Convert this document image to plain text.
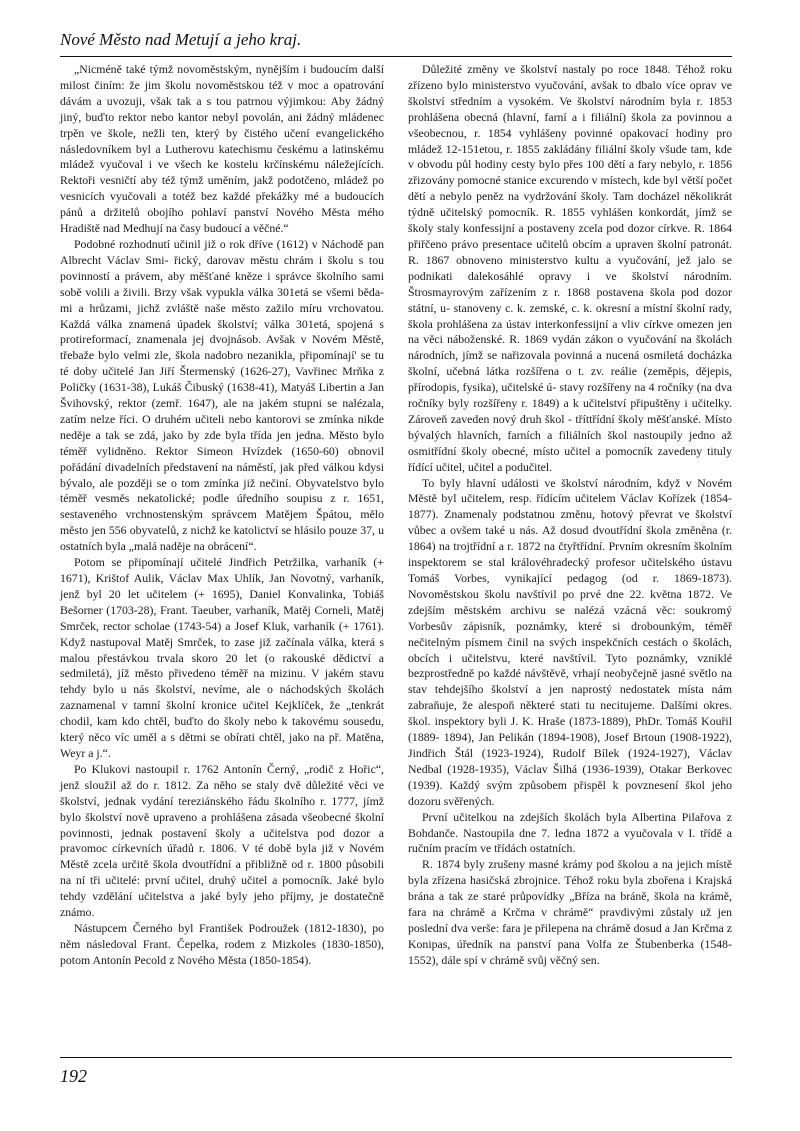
Nové Město nad Metují a jeho kraj.

„Nicméně také týmž novoměstským, nynějším i budoucím další milost činím: že jim školu novoměstskou též v moc a opatrování dávám a uvozuji, však tak a s tou patrnou výjimkou: Aby žádný jiný, buďto rektor nebo kantor nebyl povolán, ani žádný mládenec trpěn ve škole, nežli ten, který by čistého učení evangelického následovníkem byl a Lutherovu katechismu českému a latinskému mládež vyučoval i ve všech ke kostelu krčínskému náležejících. Rektoři vesničtí aby též týmž uměním, jakž podotčeno, mládež po vesnicích vyučovali a totéž bez každé překážky mé a budoucích pánů a držitelů obojího pohlaví panství Nového Města mého Hradiště nad Medhují na časy budoucí a věčné.“

Podobné rozhodnutí učinil již o rok dříve (1612) v Náchodě pan Albrecht Václav Smi- řický, darovav městu chrám i školu s tou povinností a právem, aby měšťané kněze i správce školního sami sobě volili a živili. Brzy však vypukla válka 301etá se všemi běda- mi a hrůzami, jichž zvláště naše město zažilo míru vrchovatou. Každá válka znamená úpadek školství; válka 301etá, spojená s protireformací, znamenala jej dvojnásob. Avšak v Novém Městě, třebaže bylo velmi zle, škola nadobro nezanikla, připomínají' se tu té doby učitelé Jan Jiří Štermenský (1626-27), Vavřinec Mrňka z Poličky (1631-38), Lukáš Čibuský (1638-41), Matyáš Libertin a Jan Švihovský, rektor (zemř. 1647), ale na jakém stupni se nalézala, zatím nelze říci. O druhém učiteli nebo kantorovi se zmínka nikde neděje a tak se zdá, jako by zde byla třída jen jedna. Město bylo téměř vylidněno. Rektor Simeon Hvízdek (1650-60) obnovil pořádání divadelních představení na náměstí, jak před válkou kdysi bývalo, ale později se o tom zmínka již nečiní. Obyvatelstvo bylo téměř vesměs nekatolické; podle úředního soupisu z r. 1651, sestaveného vrchnostenským správcem Matějem Špátou, mělo město jen 556 obyvatelů, z nichž ke katolictví se hlásilo pouze 37, u ostatních byla „malá naděje na obrácení“.

Potom se připomínají učitelé Jindřich Petržilka, varhaník (+ 1671), Krištof Aulik, Václav Max Uhlík, Jan Novotný, varhaník, jenž byl 20 let učitelem (+ 1695), Daniel Konvalinka, Tobiáš Bešorner (1703-28), Frant. Taeuber, varhaník, Matěj Corneli, Matěj Smrček, rector scholae (1743-54) a Josef Kluk, varhaník (+ 1761). Když nastupoval Matěj Smrček, to zase již začínala válka, která s malou přestávkou trvala skoro 20 let (o rakouské dědictví a sedmiletá), jíž město přivedeno téměř na mizinu. V jakém stavu tehdy bylo u nás školství, nevíme, ale o náchodských školách zaznamenal v tamní školní kronice učitel Kejklíček, že „tenkrát chodil, kam kdo chtěl, buďto do školy nebo k takovému sousedu, který něco víc uměl a s dětmi se obírati chtěl, jako na př. Matěna, Weyr a j.“.

Po Klukovi nastoupil r. 1762 Antonín Černý, „rodič z Hořic“, jenž sloužil až do r. 1812. Za něho se staly dvě důležité věci ve školství, jednak vydání tereziánského řádu školního r. 1777, jímž bylo školství nově upraveno a prohlášena zásada všeobecné školní povinnosti, jednak postavení školy a učitelstva pod dozor a pravomoc církevních úřadů r. 1806. V té době byla již v Novém Městě zcela určitě škola dvoutřídní a přibližně od r. 1800 působili na ní tři učitelé: první učitel, druhý učitel a pomocník. Jaké bylo tehdy vzdělání učitelstva a jaké byly jeho příjmy, je dostatečně známo.

Nástupcem Černého byl František Podroužek (1812-1830), po něm následoval Frant. Čepelka, rodem z Mizkoles (1830-1850), potom Antonín Pecold z Nového Města (1850-1854).

Důležité změny ve školství nastaly po roce 1848. Téhož roku zřízeno bylo ministerstvo vyučování, avšak to dbalo více oprav ve školství středním a vysokém. Ve školství národním byla r. 1853 prohlášena obecná (hlavní, farní a i filiální) škola za povinnou a všeobecnou, r. 1854 vyhlášeny povinné opakovací hodiny pro mládež 12-151etou, r. 1855 zakládány filiální školy všude tam, kde v obvodu půl hodiny cesty bylo přes 100 dětí a fary nebylo, r. 1856 zřizovány pomocné stanice excurendo v místech, kde byl větší počet dětí a nebylo peněz na vydržování školy. Tam docházel několikrát týdně učitelský pomocník. R. 1855 vyhlášen konkordát, jímž se školy staly konfessijní a postaveny zcela pod dozor církve. R. 1864 přiřčeno právo presentace učitelů obcím a upraven školní patronát. R. 1867 obnoveno ministerstvo kultu a vyučování, jež jalo se podnikati dalekosáhlé opravy i ve školství národním. Štrosmayrovým zařízením z r. 1868 postavena škola pod dozor státní, u- stanoveny c. k. zemské, c. k. okresní a místní školní rady, škola prohlášena za ústav interkonfessijní a vliv církve omezen jen na věci náboženské. R. 1869 vydán zákon o vyučování na školách národních, jímž se nařizovala povinná a nucená osmiletá docházka školní, učebná látka rozšířena o t. zv. reálie (zeměpis, dějepis, přírodopis, fysika), učitelské ú- stavy rozšířeny na 4 ročníky (na dva ročníky byly rozšířeny r. 1849) a k učitelství připuštěny i učitelky. Zároveň zaveden nový druh škol - tříttřídní školy měšťanské. Místo bývalých hlavních, farních a filiálních škol nastoupily jedno až osmitřídní školy obecné, místo učitel a pomocník zavedeny tituly řídící učitel, učitel a podučitel.

To byly hlavní události ve školství národním, když v Novém Městě byl učitelem, resp. řídícím učitelem Václav Kořízek (1854-1877). Znamenaly podstatnou změnu, hotový převrat ve školství vůbec a ovšem také u nás. Až dosud dvoutřídní škola změněna (r. 1864) na trojtřídní a r. 1872 na čtyřtřídní. Prvním okresním školním inspektorem se stal královéhradecký profesor učitelského ústavu Tomáš Vorbes, vynikající pedagog (od r. 1869-1873). Novoměstskou školu navštívil po prvé dne 22. května 1872. Ve zdejším městském archivu se nalézá vzácná věc: soukromý Vorbesův zápisník, poznámky, které si drobounkým, téměř nečitelným písmem činil na svých inspekčních cestách o školách, obcích i učitelstvu, které navštívil. Tyto poznámky, vzniklé bezprostředně po každé návštěvě, vrhají neobyčejně jasné světlo na stav tehdejšího školství a jen naprostý nedostatek místa nám zabraňuje, že alespoň některé stati tu necitujeme. Dalšími okres. škol. inspektory byli J. K. Hraše (1873-1889), PhDr. Tomáš Kouřil (1889- 1894), Jan Pelikán (1894-1908), Josef Brtoun (1908-1922), Jindřich Štál (1923-1924), Rudolf Bílek (1924-1927), Václav Nedbal (1928-1935), Václav Šilhá (1936-1939), Otakar Berkovec (1939). Každý svým způsobem přispěl k povznesení škol jeho dozoru svěřených.

První učitelkou na zdejších školách byla Albertina Pilařova z Bohdanče. Nastoupila dne 7. ledna 1872 a vyučovala v I. třídě a ručním pracím ve třídách ostatních.

R. 1874 byly zrušeny masné krámy pod školou a na jejich místě byla zřízena hasičská zbrojnice. Téhož roku byla zbořena i Krajská brána a tak ze staré průpovídky „Bříza na bráně, škola na krámě, fara na chrámě a Krčma v chrámě“ pravdivými zůstaly už jen poslední dva verše: fara je přilepena na chrámě dosud a Jan Krčma z Konipas, úředník na panství pana Volfa ze Štubenberka (1548-1552), dále spí v chrámě svůj věčný sen.

192
